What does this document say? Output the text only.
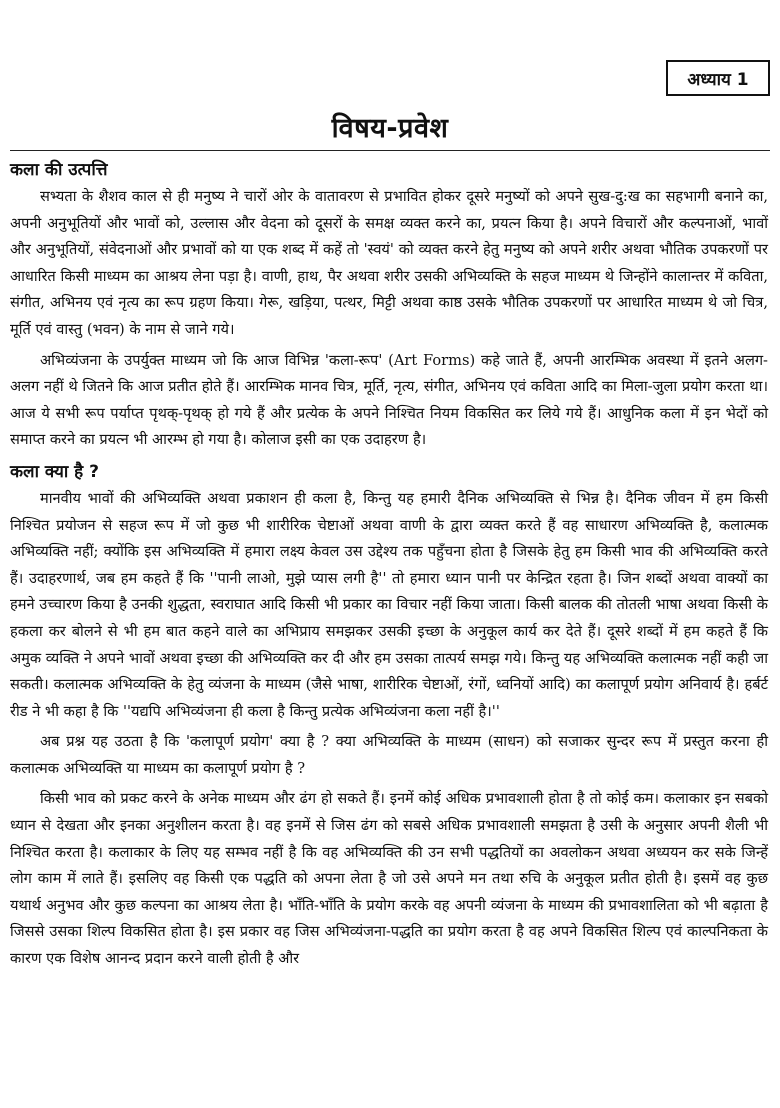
अध्याय 1
विषय-प्रवेश

कला की उत्पत्ति

सभ्यता के शैशव काल से ही मनुष्य ने चारों ओर के वातावरण से प्रभावित होकर दूसरे मनुष्यों को अपने सुख-दु:ख का सहभागी बनाने का, अपनी अनुभूतियों और भावों को, उल्लास और वेदना को दूसरों के समक्ष व्यक्त करने का, प्रयत्न किया है। अपने विचारों और कल्पनाओं, भावों और अनुभूतियों, संवेदनाओं और प्रभावों को या एक शब्द में कहें तो 'स्वयं' को व्यक्त करने हेतु मनुष्य को अपने शरीर अथवा भौतिक उपकरणों पर आधारित किसी माध्यम का आश्रय लेना पड़ा है। वाणी, हाथ, पैर अथवा शरीर उसकी अभिव्यक्ति के सहज माध्यम थे जिन्होंने कालान्तर में कविता, संगीत, अभिनय एवं नृत्य का रूप ग्रहण किया। गेरू, खड़िया, पत्थर, मिट्टी अथवा काष्ठ उसके भौतिक उपकरणों पर आधारित माध्यम थे जो चित्र, मूर्ति एवं वास्तु (भवन) के नाम से जाने गये।

अभिव्यंजना के उपर्युक्त माध्यम जो कि आज विभिन्न 'कला-रूप' (Art Forms) कहे जाते हैं, अपनी आरम्भिक अवस्था में इतने अलग-अलग नहीं थे जितने कि आज प्रतीत होते हैं। आरम्भिक मानव चित्र, मूर्ति, नृत्य, संगीत, अभिनय एवं कविता आदि का मिला-जुला प्रयोग करता था। आज ये सभी रूप पर्याप्त पृथक्-पृथक् हो गये हैं और प्रत्येक के अपने निश्चित नियम विकसित कर लिये गये हैं। आधुनिक कला में इन भेदों को समाप्त करने का प्रयत्न भी आरम्भ हो गया है। कोलाज इसी का एक उदाहरण है।

कला क्या है ?

मानवीय भावों की अभिव्यक्ति अथवा प्रकाशन ही कला है, किन्तु यह हमारी दैनिक अभिव्यक्ति से भिन्न है। दैनिक जीवन में हम किसी निश्चित प्रयोजन से सहज रूप में जो कुछ भी शारीरिक चेष्टाओं अथवा वाणी के द्वारा व्यक्त करते हैं वह साधारण अभिव्यक्ति है, कलात्मक अभिव्यक्ति नहीं; क्योंकि इस अभिव्यक्ति में हमारा लक्ष्य केवल उस उद्देश्य तक पहुँचना होता है जिसके हेतु हम किसी भाव की अभिव्यक्ति करते हैं। उदाहरणार्थ, जब हम कहते हैं कि ''पानी लाओ, मुझे प्यास लगी है'' तो हमारा ध्यान पानी पर केन्द्रित रहता है। जिन शब्दों अथवा वाक्यों का हमने उच्चारण किया है उनकी शुद्धता, स्वराघात आदि किसी भी प्रकार का विचार नहीं किया जाता। किसी बालक की तोतली भाषा अथवा किसी के हकला कर बोलने से भी हम बात कहने वाले का अभिप्राय समझकर उसकी इच्छा के अनुकूल कार्य कर देते हैं। दूसरे शब्दों में हम कहते हैं कि अमुक व्यक्ति ने अपने भावों अथवा इच्छा की अभिव्यक्ति कर दी और हम उसका तात्पर्य समझ गये। किन्तु यह अभिव्यक्ति कलात्मक नहीं कही जा सकती। कलात्मक अभिव्यक्ति के हेतु व्यंजना के माध्यम (जैसे भाषा, शारीरिक चेष्टाओं, रंगों, ध्वनियों आदि) का कलापूर्ण प्रयोग अनिवार्य है। हर्बर्ट रीड ने भी कहा है कि ''यद्यपि अभिव्यंजना ही कला है किन्तु प्रत्येक अभिव्यंजना कला नहीं है।''

अब प्रश्न यह उठता है कि 'कलापूर्ण प्रयोग' क्या है ? क्या अभिव्यक्ति के माध्यम (साधन) को सजाकर सुन्दर रूप में प्रस्तुत करना ही कलात्मक अभिव्यक्ति या माध्यम का कलापूर्ण प्रयोग है ?

किसी भाव को प्रकट करने के अनेक माध्यम और ढंग हो सकते हैं। इनमें कोई अधिक प्रभावशाली होता है तो कोई कम। कलाकार इन सबको ध्यान से देखता और इनका अनुशीलन करता है। वह इनमें से जिस ढंग को सबसे अधिक प्रभावशाली समझता है उसी के अनुसार अपनी शैली भी निश्चित करता है। कलाकार के लिए यह सम्भव नहीं है कि वह अभिव्यक्ति की उन सभी पद्धतियों का अवलोकन अथवा अध्ययन कर सके जिन्हें लोग काम में लाते हैं। इसलिए वह किसी एक पद्धति को अपना लेता है जो उसे अपने मन तथा रुचि के अनुकूल प्रतीत होती है। इसमें वह कुछ यथार्थ अनुभव और कुछ कल्पना का आश्रय लेता है। भाँति-भाँति के प्रयोग करके वह अपनी व्यंजना के माध्यम की प्रभावशालिता को भी बढ़ाता है जिससे उसका शिल्प विकसित होता है। इस प्रकार वह जिस अभिव्यंजना-पद्धति का प्रयोग करता है वह अपने विकसित शिल्प एवं काल्पनिकता के कारण एक विशेष आनन्द प्रदान करने वाली होती है और
